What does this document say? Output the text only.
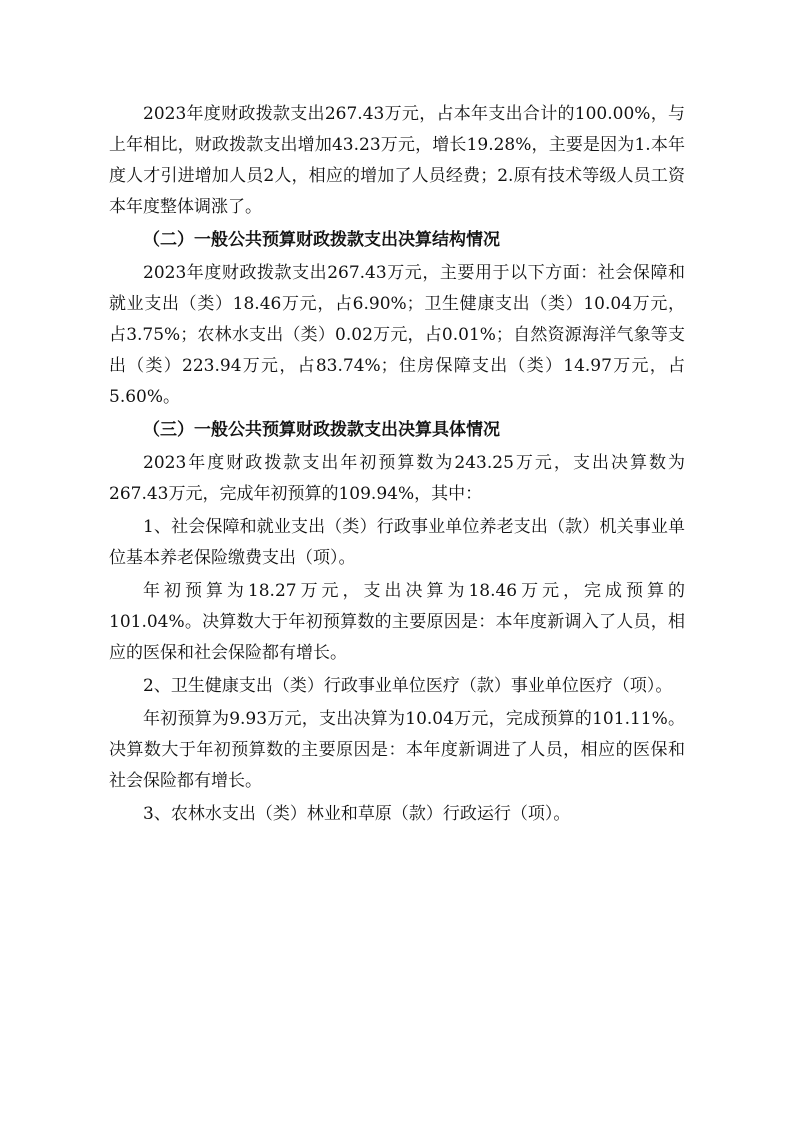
2023年度财政拨款支出267.43万元，占本年支出合计的100.00%，与上年相比，财政拨款支出增加43.23万元，增长19.28%，主要是因为1.本年度人才引进增加人员2人，相应的增加了人员经费；2.原有技术等级人员工资本年度整体调涨了。

（二）一般公共预算财政拨款支出决算结构情况

2023年度财政拨款支出267.43万元，主要用于以下方面：社会保障和就业支出（类）18.46万元，占6.90%；卫生健康支出（类）10.04万元，占3.75%；农林水支出（类）0.02万元，占0.01%；自然资源海洋气象等支出（类）223.94万元，占83.74%；住房保障支出（类）14.97万元，占5.60%。

（三）一般公共预算财政拨款支出决算具体情况

2023年度财政拨款支出年初预算数为243.25万元，支出决算数为267.43万元，完成年初预算的109.94%，其中：

1、社会保障和就业支出（类）行政事业单位养老支出（款）机关事业单位基本养老保险缴费支出（项）。

年初预算为18.27万元，支出决算为18.46万元，完成预算的101.04%。决算数大于年初预算数的主要原因是：本年度新调入了人员，相应的医保和社会保险都有增长。

2、卫生健康支出（类）行政事业单位医疗（款）事业单位医疗（项）。

年初预算为9.93万元，支出决算为10.04万元，完成预算的101.11%。决算数大于年初预算数的主要原因是：本年度新调进了人员，相应的医保和社会保险都有增长。

3、农林水支出（类）林业和草原（款）行政运行（项）。
